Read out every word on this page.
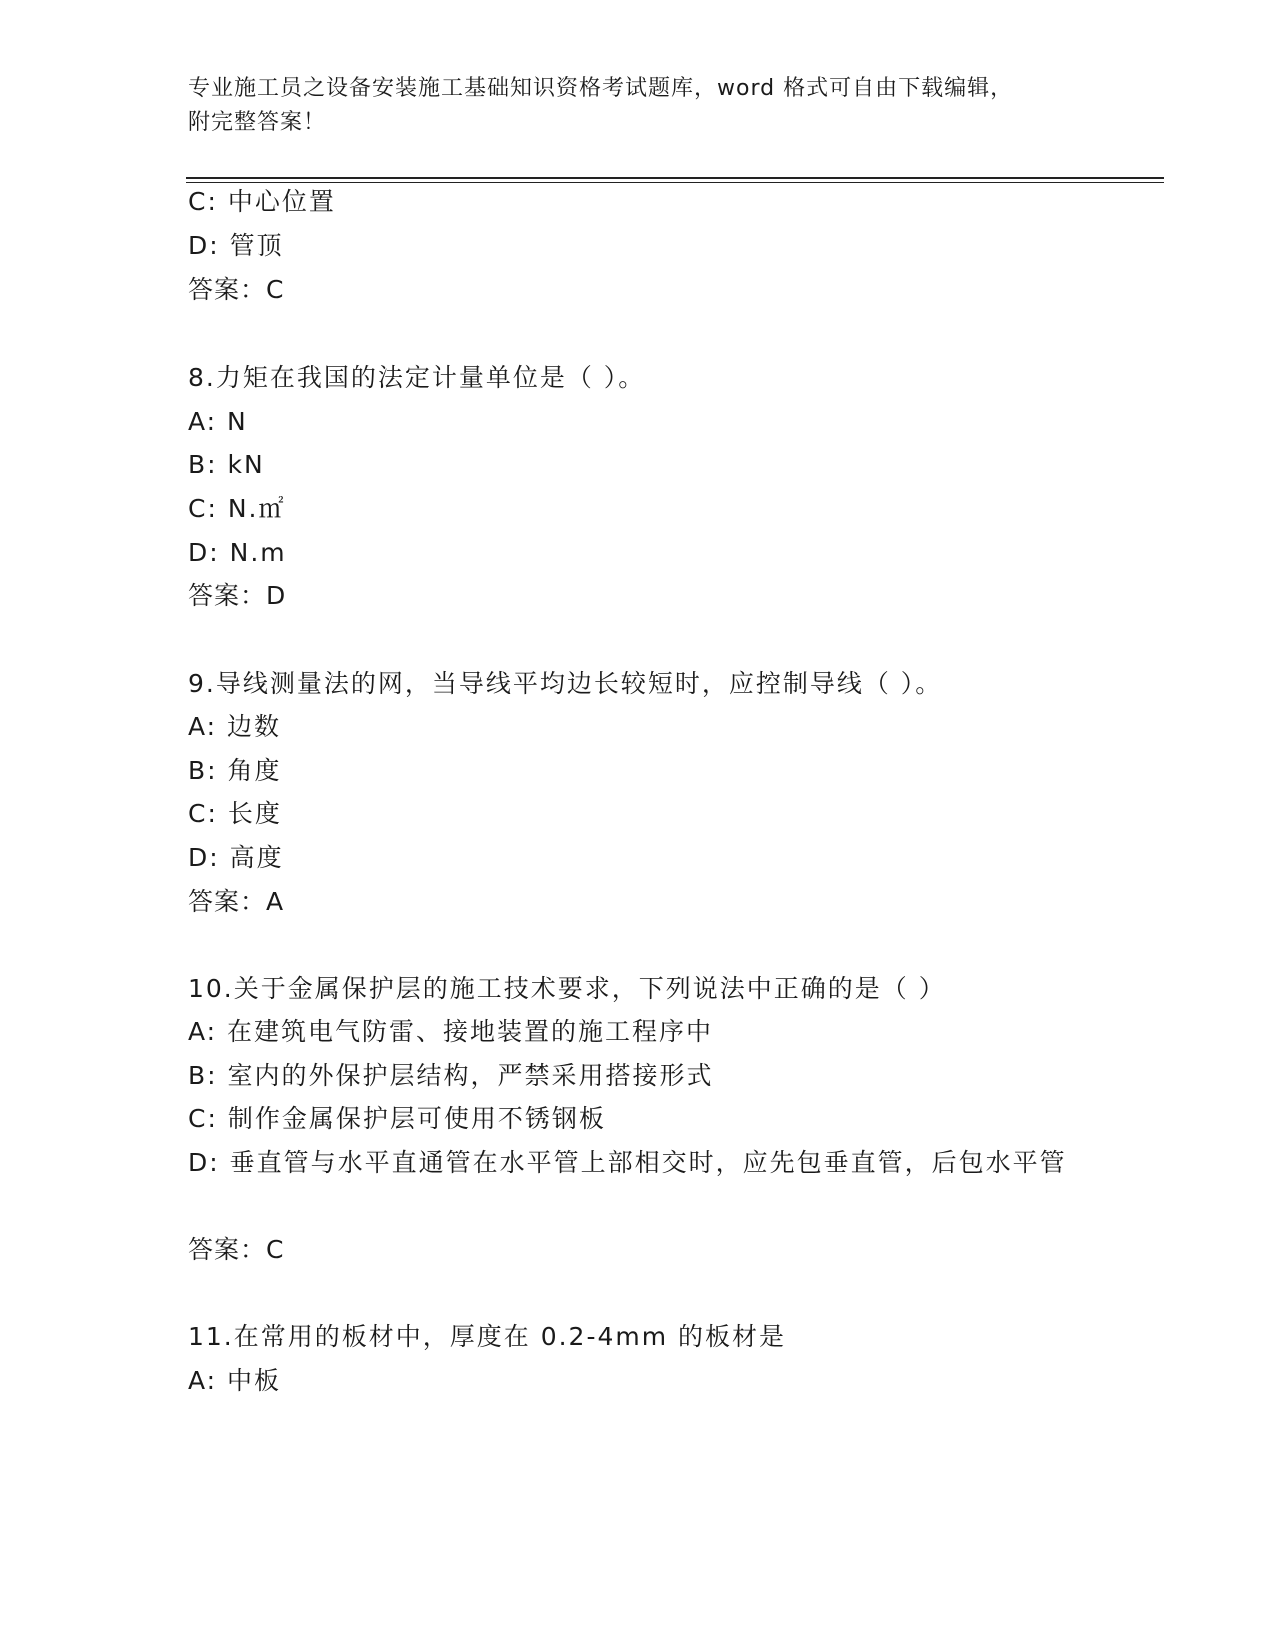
专业施工员之设备安装施工基础知识资格考试题库，word 格式可自由下载编辑，
附完整答案！
C: 中心位置
D: 管顶
答案：C
8.力矩在我国的法定计量单位是（ ）。
A: N
B: kN
C: N.㎡
D: N.m
答案：D
9.导线测量法的网，当导线平均边长较短时，应控制导线（ ）。
A: 边数
B: 角度
C: 长度
D: 高度
答案：A
10.关于金属保护层的施工技术要求，下列说法中正确的是（ ）
A: 在建筑电气防雷、接地装置的施工程序中
B: 室内的外保护层结构，严禁采用搭接形式
C: 制作金属保护层可使用不锈钢板
D: 垂直管与水平直通管在水平管上部相交时，应先包垂直管，后包水平管
答案：C
11.在常用的板材中，厚度在 0.2-4mm 的板材是
A: 中板
